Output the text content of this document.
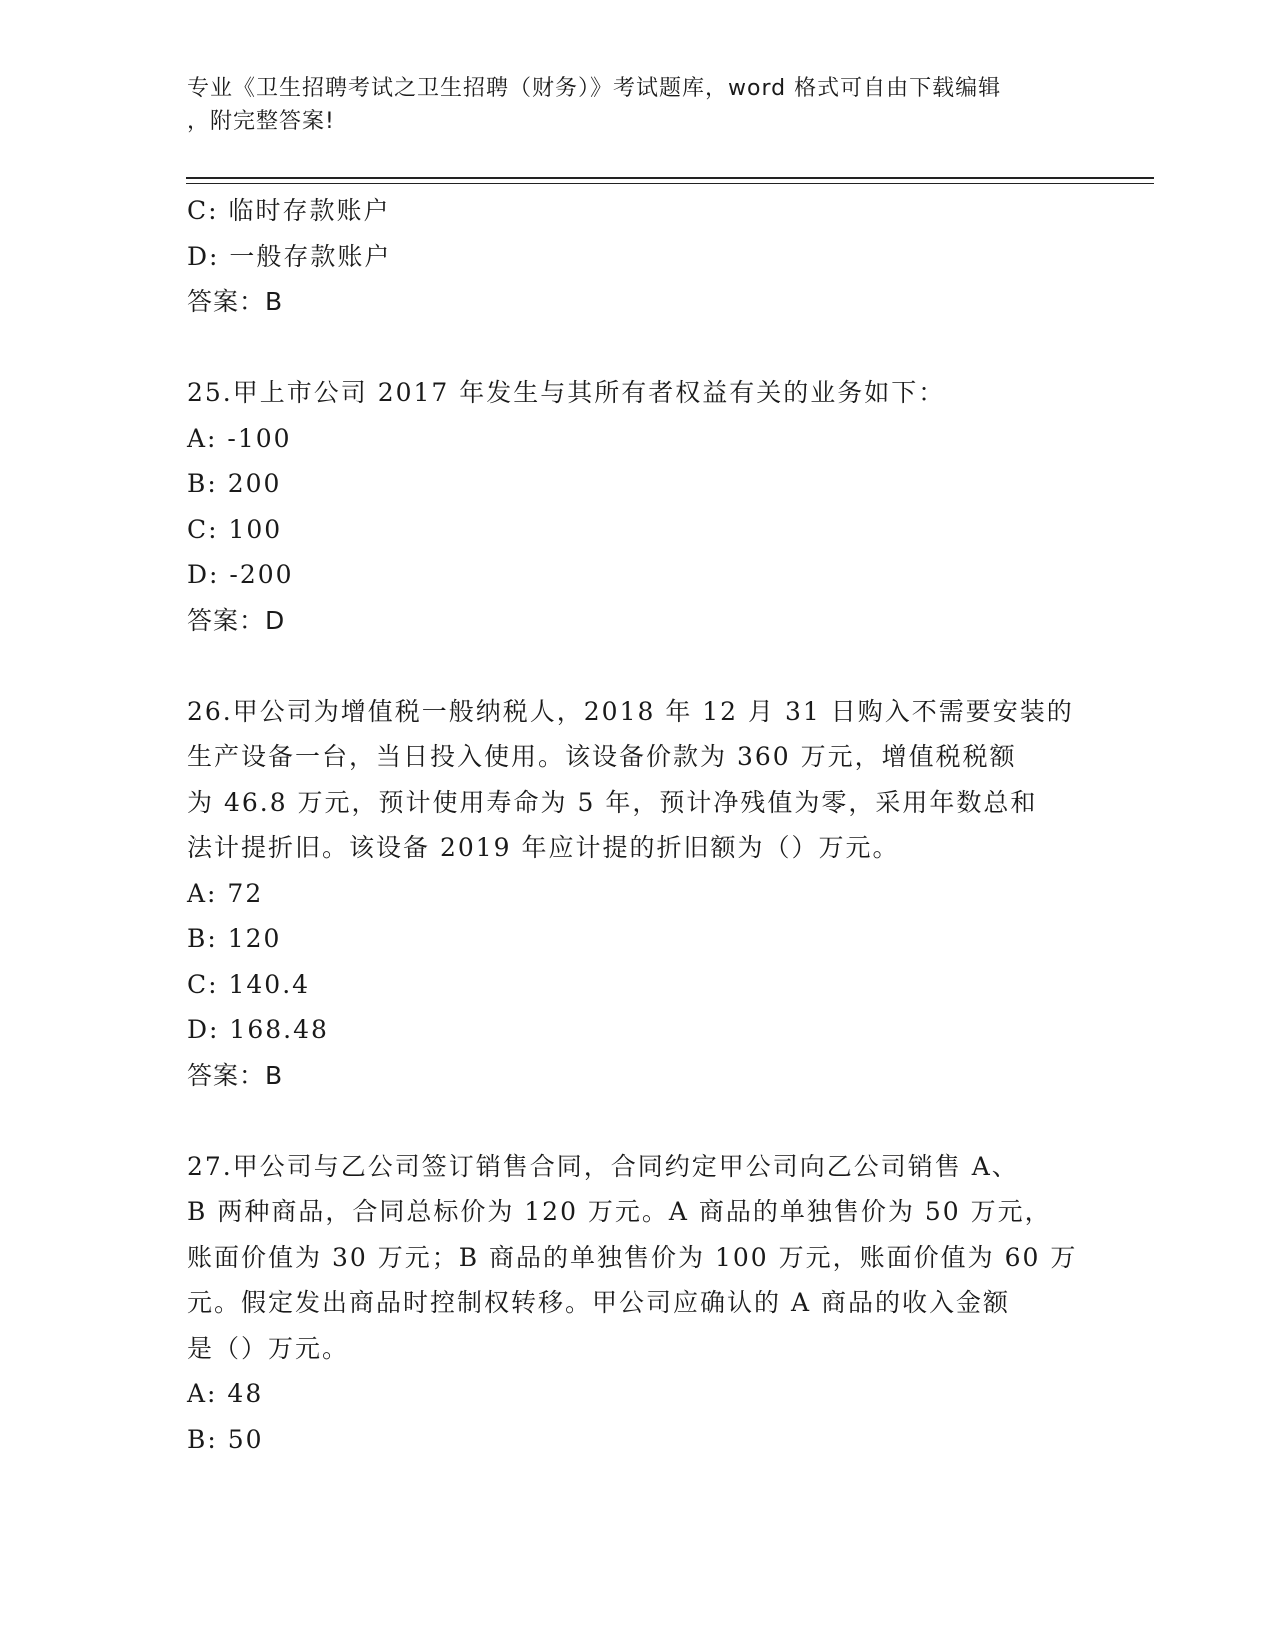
专业《卫生招聘考试之卫生招聘（财务）》考试题库，word 格式可自由下载编辑
，附完整答案!
C: 临时存款账户
D: 一般存款账户
答案：B
25.甲上市公司 2017 年发生与其所有者权益有关的业务如下：
A: -100
B: 200
C: 100
D: -200
答案：D
26.甲公司为增值税一般纳税人，2018 年 12 月 31 日购入不需要安装的
生产设备一台，当日投入使用。该设备价款为 360 万元，增值税税额
为 46.8 万元，预计使用寿命为 5 年，预计净残值为零，采用年数总和
法计提折旧。该设备 2019 年应计提的折旧额为（）万元。
A: 72
B: 120
C: 140.4
D: 168.48
答案：B
27.甲公司与乙公司签订销售合同，合同约定甲公司向乙公司销售 A、
B 两种商品，合同总标价为 120 万元。A 商品的单独售价为 50 万元，
账面价值为 30 万元；B 商品的单独售价为 100 万元，账面价值为 60 万
元。假定发出商品时控制权转移。甲公司应确认的 A 商品的收入金额
是（）万元。
A: 48
B: 50
